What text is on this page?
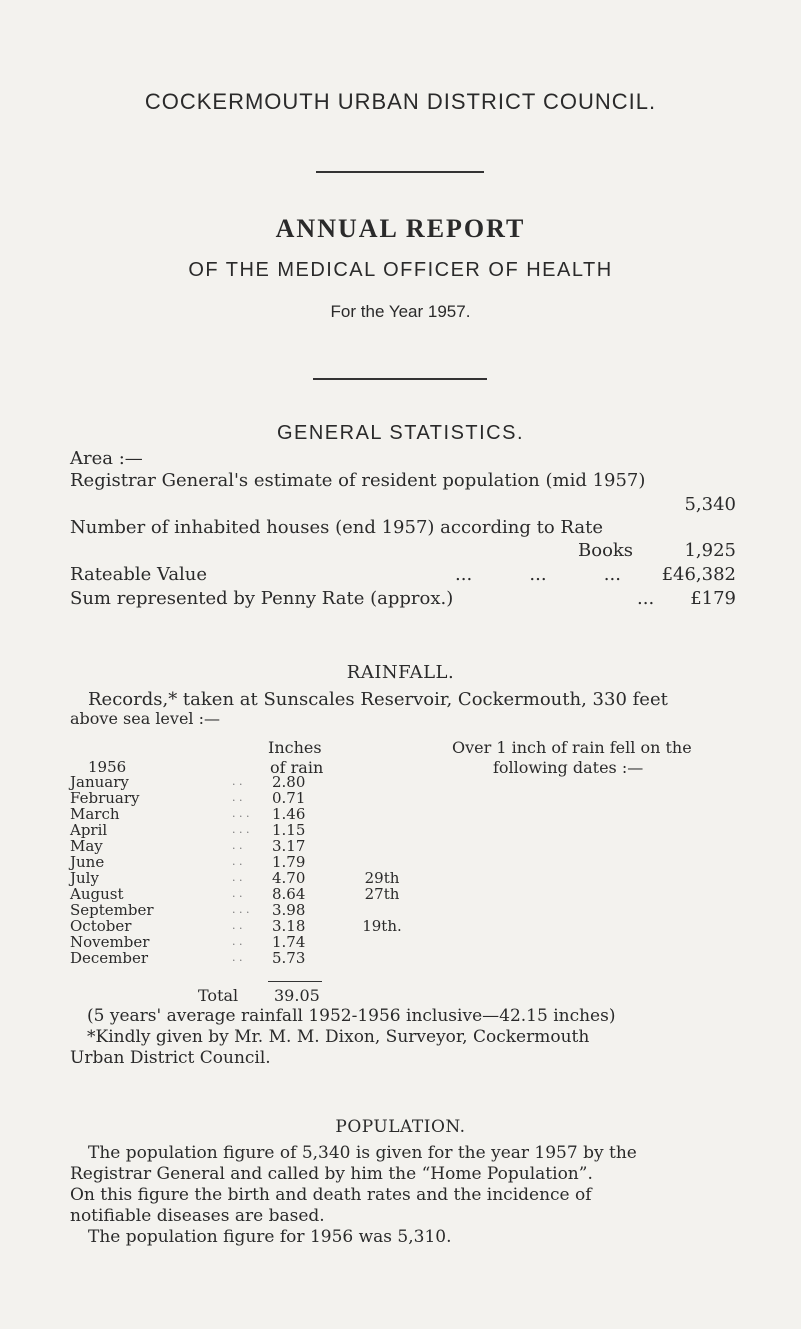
COCKERMOUTH URBAN DISTRICT COUNCIL.
ANNUAL REPORT
OF THE MEDICAL OFFICER OF HEALTH
For the Year 1957.
GENERAL STATISTICS.
Area :—
Registrar General's estimate of resident population (mid 1957)
5,340
Number of inhabited houses (end 1957) according to Rate
Books	1,925
Rateable Value	...          ...          ...	£46,382
Sum represented by Penny Rate (approx.)	...	£179
RAINFALL.
Records,* taken at Sunscales Reservoir, Cockermouth, 330 feet
above sea level :—
Inches	Over 1 inch of rain fell on the
1956	of rain	following dates :—
January	. .	2.80	
February	. .	0.71	
March	. . .	1.46	
April	. . .	1.15	
May	. .	3.17	
June	. .	1.79	
July	. .	4.70	29th
August	. .	8.64	27th
September	. . .	3.98	
October	. .	3.18	19th.
November	. .	1.74	
December	. .	5.73	
Total 39.05
(5 years' average rainfall 1952-1956 inclusive—42.15 inches)
*Kindly given by Mr. M. M. Dixon, Surveyor, Cockermouth
Urban District Council.
POPULATION.
The population figure of 5,340 is given for the year 1957 by the
Registrar General and called by him the “Home Population”.
On this figure the birth and death rates and the incidence of
notifiable diseases are based.
The population figure for 1956 was 5,310.
